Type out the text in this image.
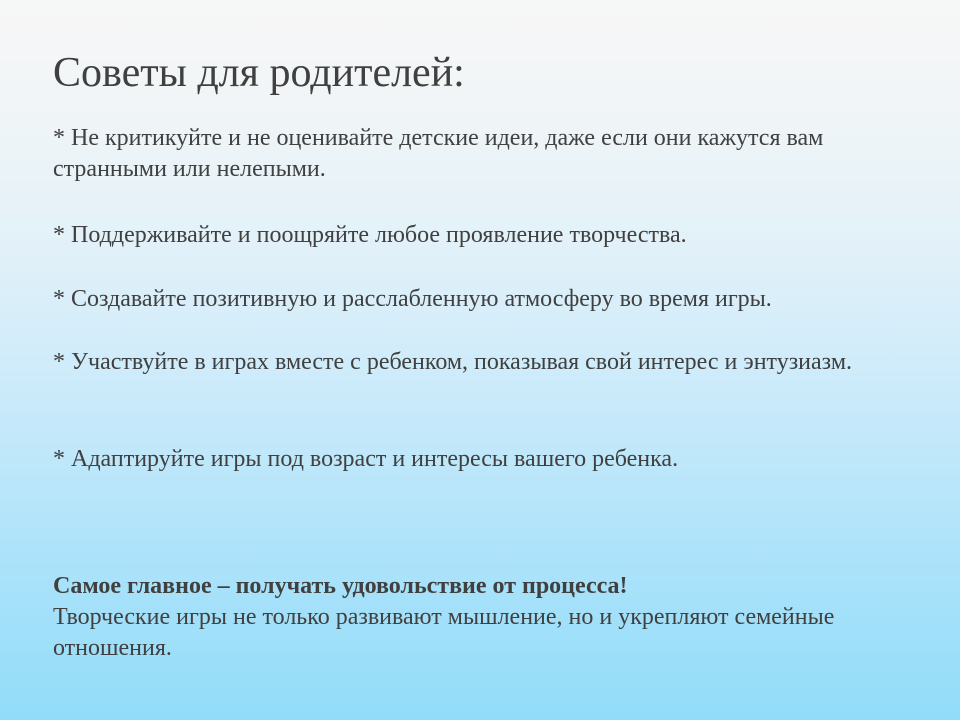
Советы для родителей:
* Не критикуйте и не оценивайте детские идеи, даже если они кажутся вам странными или нелепыми.
* Поддерживайте и поощряйте любое проявление творчества.
* Создавайте позитивную и расслабленную атмосферу во время игры.
* Участвуйте в играх вместе с ребенком, показывая свой интерес и энтузиазм.
* Адаптируйте игры под возраст и интересы вашего ребенка.
Самое главное – получать удовольствие от процесса!
Творческие игры не только развивают мышление, но и укрепляют семейные отношения.
